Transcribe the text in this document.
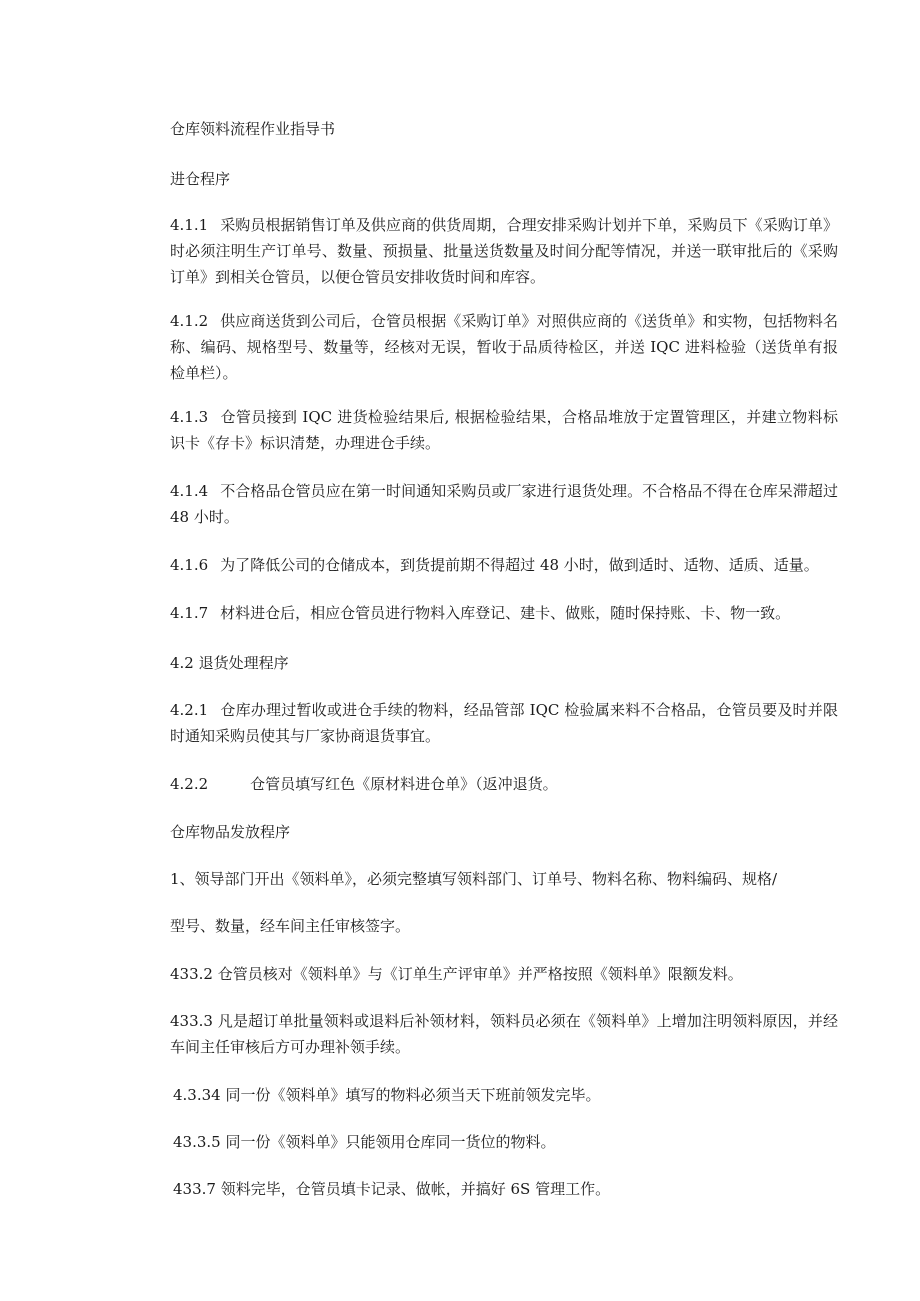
仓库领料流程作业指导书

进仓程序

4.1.1 采购员根据销售订单及供应商的供货周期，合理安排采购计划并下单，采购员下《采购订单》时必须注明生产订单号、数量、预损量、批量送货数量及时间分配等情况，并送一联审批后的《采购订单》到相关仓管员，以便仓管员安排收货时间和库容。

4.1.2 供应商送货到公司后，仓管员根据《采购订单》对照供应商的《送货单》和实物，包括物料名称、编码、规格型号、数量等，经核对无误，暂收于品质待检区，并送 IQC 进料检验（送货单有报检单栏）。

4.1.3 仓管员接到 IQC 进货检验结果后, 根据检验结果，合格品堆放于定置管理区，并建立物料标识卡《存卡》标识清楚，办理进仓手续。

4.1.4 不合格品仓管员应在第一时间通知采购员或厂家进行退货处理。不合格品不得在仓库呆滞超过 48 小时。

4.1.6 为了降低公司的仓储成本，到货提前期不得超过 48 小时，做到适时、适物、适质、适量。

4.1.7 材料进仓后，相应仓管员进行物料入库登记、建卡、做账，随时保持账、卡、物一致。

4.2 退货处理程序

4.2.1 仓库办理过暂收或进仓手续的物料，经品管部 IQC 检验属来料不合格品，仓管员要及时并限时通知采购员使其与厂家协商退货事宜。

4.2.2	仓管员填写红色《原材料进仓单》（返冲退货。

仓库物品发放程序

1、领导部门开出《领料单》，必须完整填写领料部门、订单号、物料名称、物料编码、规格/

型号、数量，经车间主任审核签字。

433.2 仓管员核对《领料单》与《订单生产评审单》并严格按照《领料单》限额发料。

433.3 凡是超订单批量领料或退料后补领材料，领料员必须在《领料单》上增加注明领料原因，并经车间主任审核后方可办理补领手续。

4.3.34 同一份《领料单》填写的物料必须当天下班前领发完毕。

43.3.5 同一份《领料单》只能领用仓库同一货位的物料。

433.7 领料完毕，仓管员填卡记录、做帐，并搞好 6S 管理工作。
